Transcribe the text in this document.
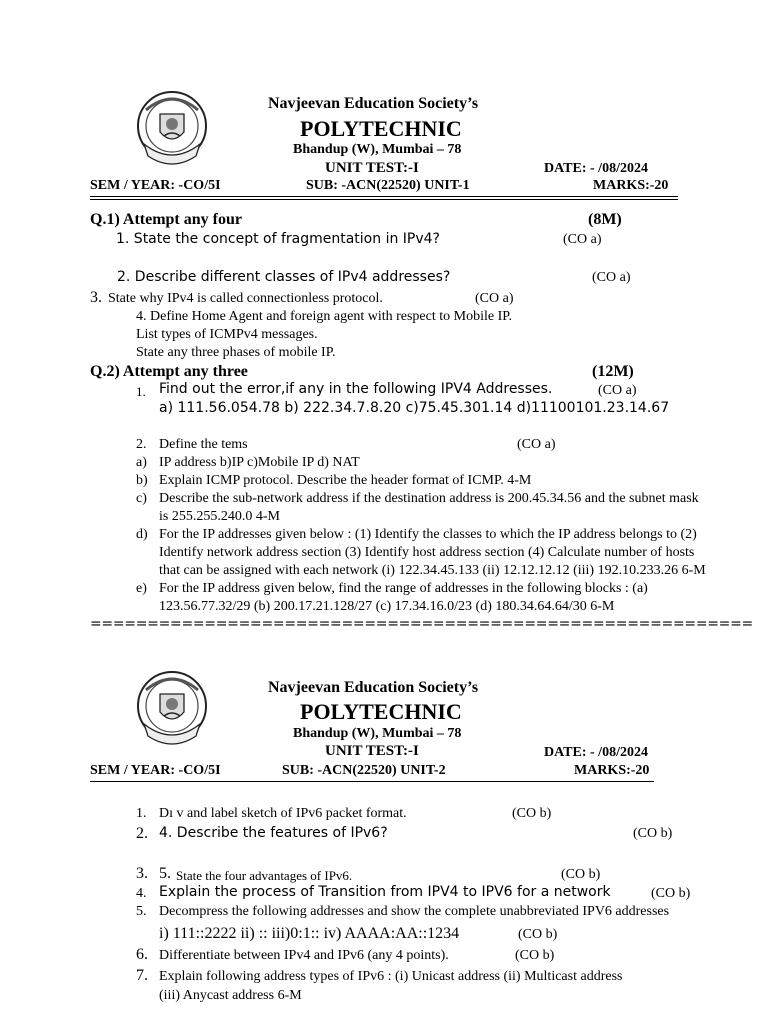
Navjeevan Education Society’s
POLYTECHNIC
Bhandup (W), Mumbai – 78
UNIT TEST:-I	DATE: - /08/2024
SEM / YEAR: -CO/5I	SUB: -ACN(22520) UNIT-1	MARKS:-20
Q.1) Attempt any four	(8M)
1. State the concept of fragmentation in IPv4?	(CO a)
2. Describe different classes of IPv4 addresses?	(CO a)
3. State why IPv4 is called connectionless protocol.	(CO a)
4. Define Home Agent and foreign agent with respect to Mobile IP.
List types of ICMPv4 messages.
State any three phases of mobile IP.
Q.2) Attempt any three	(12M)
1. Find out the error,if any in the following IPV4 Addresses.	(CO a)
a) 111.56.054.78 b) 222.34.7.8.20 c)75.45.301.14 d)11100101.23.14.67
2. Define the tems	(CO a)
a) IP address b)IP c)Mobile IP d) NAT
b) Explain ICMP protocol. Describe the header format of ICMP. 4-M
c) Describe the sub-network address if the destination address is 200.45.34.56 and the subnet mask
is 255.255.240.0 4-M
d) For the IP addresses given below : (1) Identify the classes to which the IP address belongs to (2)
Identify network address section (3) Identify host address section (4) Calculate number of hosts
that can be assigned with each network (i) 122.34.45.133 (ii) 12.12.12.12 (iii) 192.10.233.26 6-M
e) For the IP address given below, find the range of addresses in the following blocks : (a)
123.56.77.32/29 (b) 200.17.21.128/27 (c) 17.34.16.0/23 (d) 180.34.64.64/30 6-M
==========================================================
Navjeevan Education Society’s
POLYTECHNIC
Bhandup (W), Mumbai – 78
UNIT TEST:-I	DATE: - /08/2024
SEM / YEAR: -CO/5I	SUB: -ACN(22520) UNIT-2	MARKS:-20
1. Dı v and label sketch of IPv6 packet format.	(CO b)
2. 4. Describe the features of IPv6?	(CO b)
3. 5. State the four advantages of IPv6.	(CO b)
4. Explain the process of Transition from IPV4 to IPV6 for a network	(CO b)
5. Decompress the following addresses and show the complete unabbreviated IPV6 addresses
i) 111::2222 ii) :: iii)0:1:: iv) AAAA:AA::1234	(CO b)
6. Differentiate between IPv4 and IPv6 (any 4 points).	(CO b)
7. Explain following address types of IPv6 : (i) Unicast address (ii) Multicast address
(iii) Anycast address 6-M
